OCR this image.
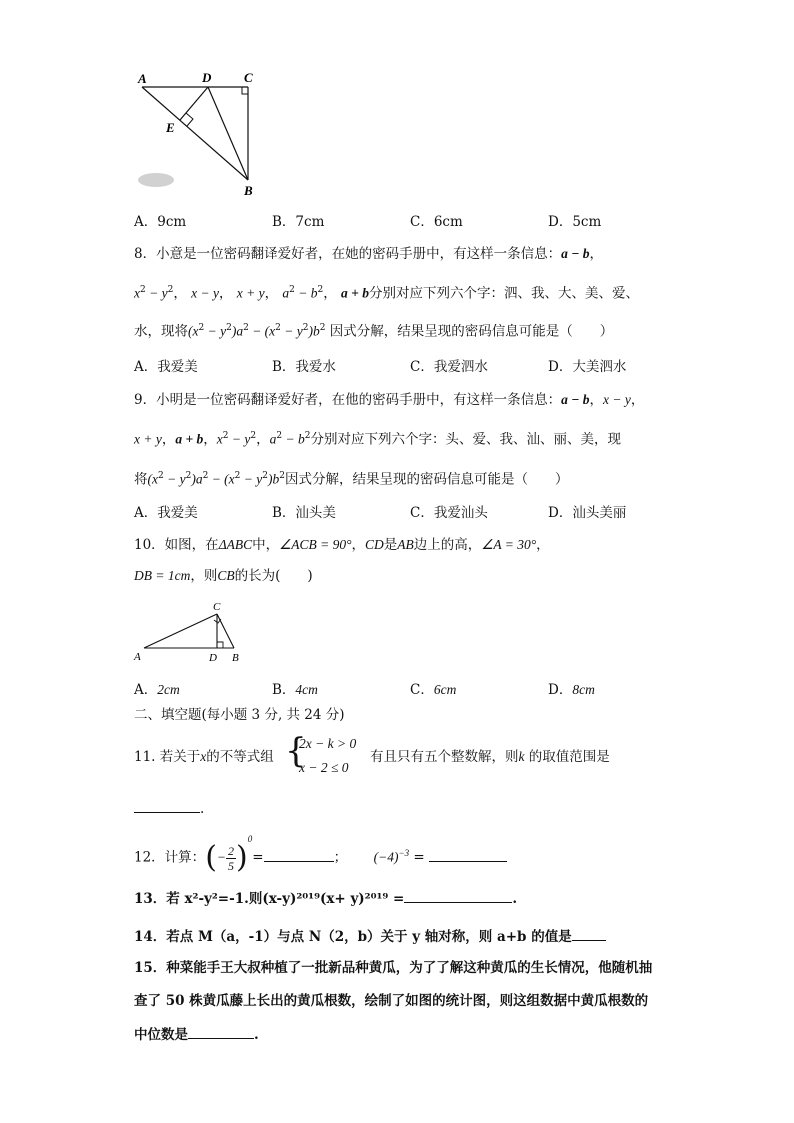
A	D	C
E
B
A．9cm	B．7cm	C．6cm	D．5cm
8．小意是一位密码翻译爱好者，在她的密码手册中，有这样一条信息：a − b，
$x^2 - y^2$， x − y， x + y， $a^2 - b^2$， a + b分别对应下列六个字：泗、我、大、美、爱、
水，现将$(x^2 - y^2)a^2 - (x^2 - y^2)b^2$ 因式分解，结果呈现的密码信息可能是（　　）
A．我爱美	B．我爱水	C．我爱泗水	D．大美泗水
9．小明是一位密码翻译爱好者，在他的密码手册中，有这样一条信息：a − b，x − y，
x + y，a + b，$x^2 - y^2$，$a^2 - b^2$分别对应下列六个字：头、爱、我、汕、丽、美，现
将$(x^2 - y^2)a^2 - (x^2 - y^2)b^2$因式分解，结果呈现的密码信息可能是（　　）
A．我爱美	B．汕头美	C．我爱汕头	D．汕头美丽
10．如图，在ΔABC中，∠ACB = 90°，CD是AB边上的高，∠A = 30°，
DB = 1cm，则CB的长为(　　)
A
C
D B
A．2cm	B．4cm	C．6cm	D．8cm
二、填空题(每小题 3 分, 共 24 分)
11. 若关于x的不等式组 {
2x − k > 0
x − 2 ≤ 0
有且只有五个整数解，则k 的取值范围是
.
12．计算：(− $\frac{2}{5})^0=$	； $(-4)^{-3}$ =
13．若 x²-y²=-1.则(x-y)²⁰¹⁹(x+ y)²⁰¹⁹ =	.
14．若点 M（a，-1）与点 N（2，b）关于 y 轴对称，则 a+b 的值是
15．种菜能手王大叔种植了一批新品种黄瓜，为了了解这种黄瓜的生长情况，他随机抽
查了 50 株黄瓜藤上长出的黄瓜根数，绘制了如图的统计图，则这组数据中黄瓜根数的
中位数是	.
